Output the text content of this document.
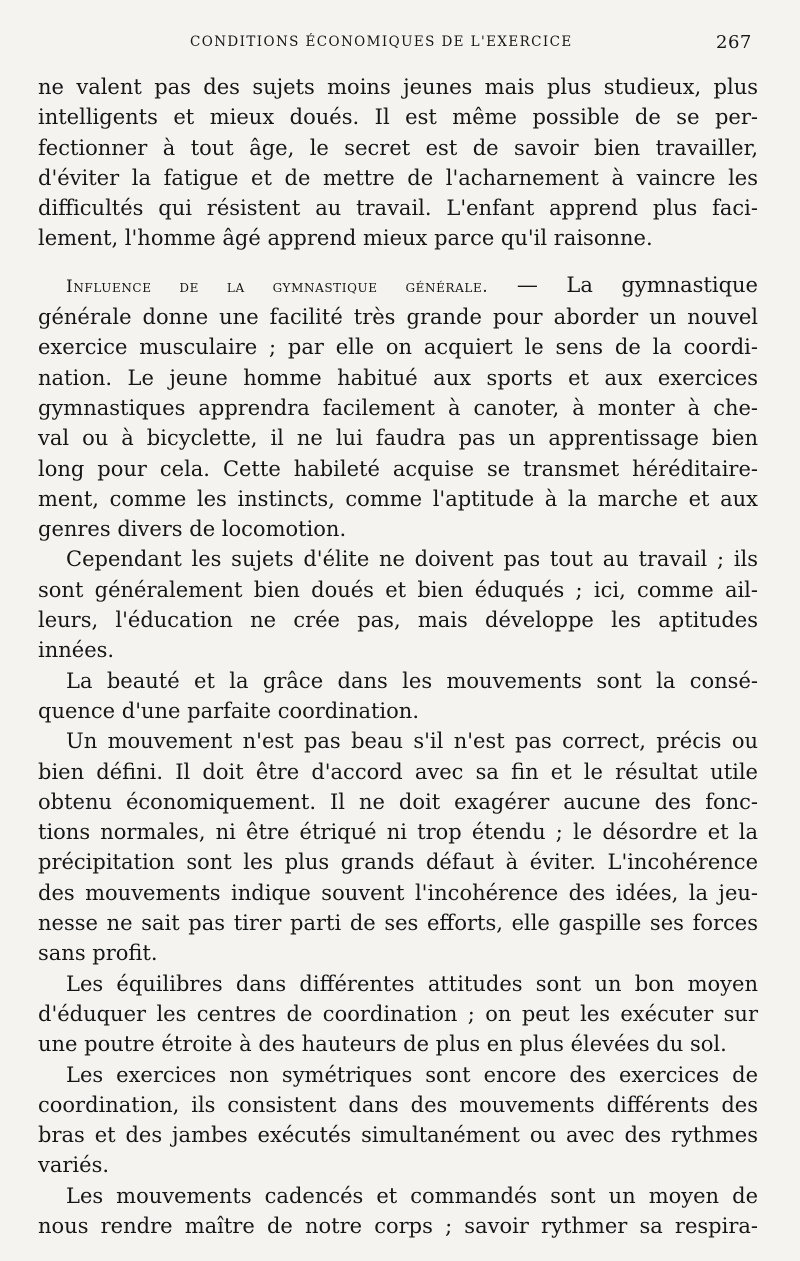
CONDITIONS ÉCONOMIQUES DE L'EXERCICE	267
ne valent pas des sujets moins jeunes mais plus studieux, plus
intelligents et mieux doués. Il est même possible de se per-
fectionner à tout âge, le secret est de savoir bien travailler,
d'éviter la fatigue et de mettre de l'acharnement à vaincre les
difficultés qui résistent au travail. L'enfant apprend plus faci-
lement, l'homme âgé apprend mieux parce qu'il raisonne.
Influence de la gymnastique générale. — La gymnastique
générale donne une facilité très grande pour aborder un nouvel
exercice musculaire ; par elle on acquiert le sens de la coordi-
nation. Le jeune homme habitué aux sports et aux exercices
gymnastiques apprendra facilement à canoter, à monter à che-
val ou à bicyclette, il ne lui faudra pas un apprentissage bien
long pour cela. Cette habileté acquise se transmet héréditaire-
ment, comme les instincts, comme l'aptitude à la marche et aux
genres divers de locomotion.
Cependant les sujets d'élite ne doivent pas tout au travail ; ils
sont généralement bien doués et bien éduqués ; ici, comme ail-
leurs, l'éducation ne crée pas, mais développe les aptitudes
innées.
La beauté et la grâce dans les mouvements sont la consé-
quence d'une parfaite coordination.
Un mouvement n'est pas beau s'il n'est pas correct, précis ou
bien défini. Il doit être d'accord avec sa fin et le résultat utile
obtenu économiquement. Il ne doit exagérer aucune des fonc-
tions normales, ni être étriqué ni trop étendu ; le désordre et la
précipitation sont les plus grands défaut à éviter. L'incohérence
des mouvements indique souvent l'incohérence des idées, la jeu-
nesse ne sait pas tirer parti de ses efforts, elle gaspille ses forces
sans profit.
Les équilibres dans différentes attitudes sont un bon moyen
d'éduquer les centres de coordination ; on peut les exécuter sur
une poutre étroite à des hauteurs de plus en plus élevées du sol.
Les exercices non symétriques sont encore des exercices de
coordination, ils consistent dans des mouvements différents des
bras et des jambes exécutés simultanément ou avec des rythmes
variés.
Les mouvements cadencés et commandés sont un moyen de
nous rendre maître de notre corps ; savoir rythmer sa respira-
